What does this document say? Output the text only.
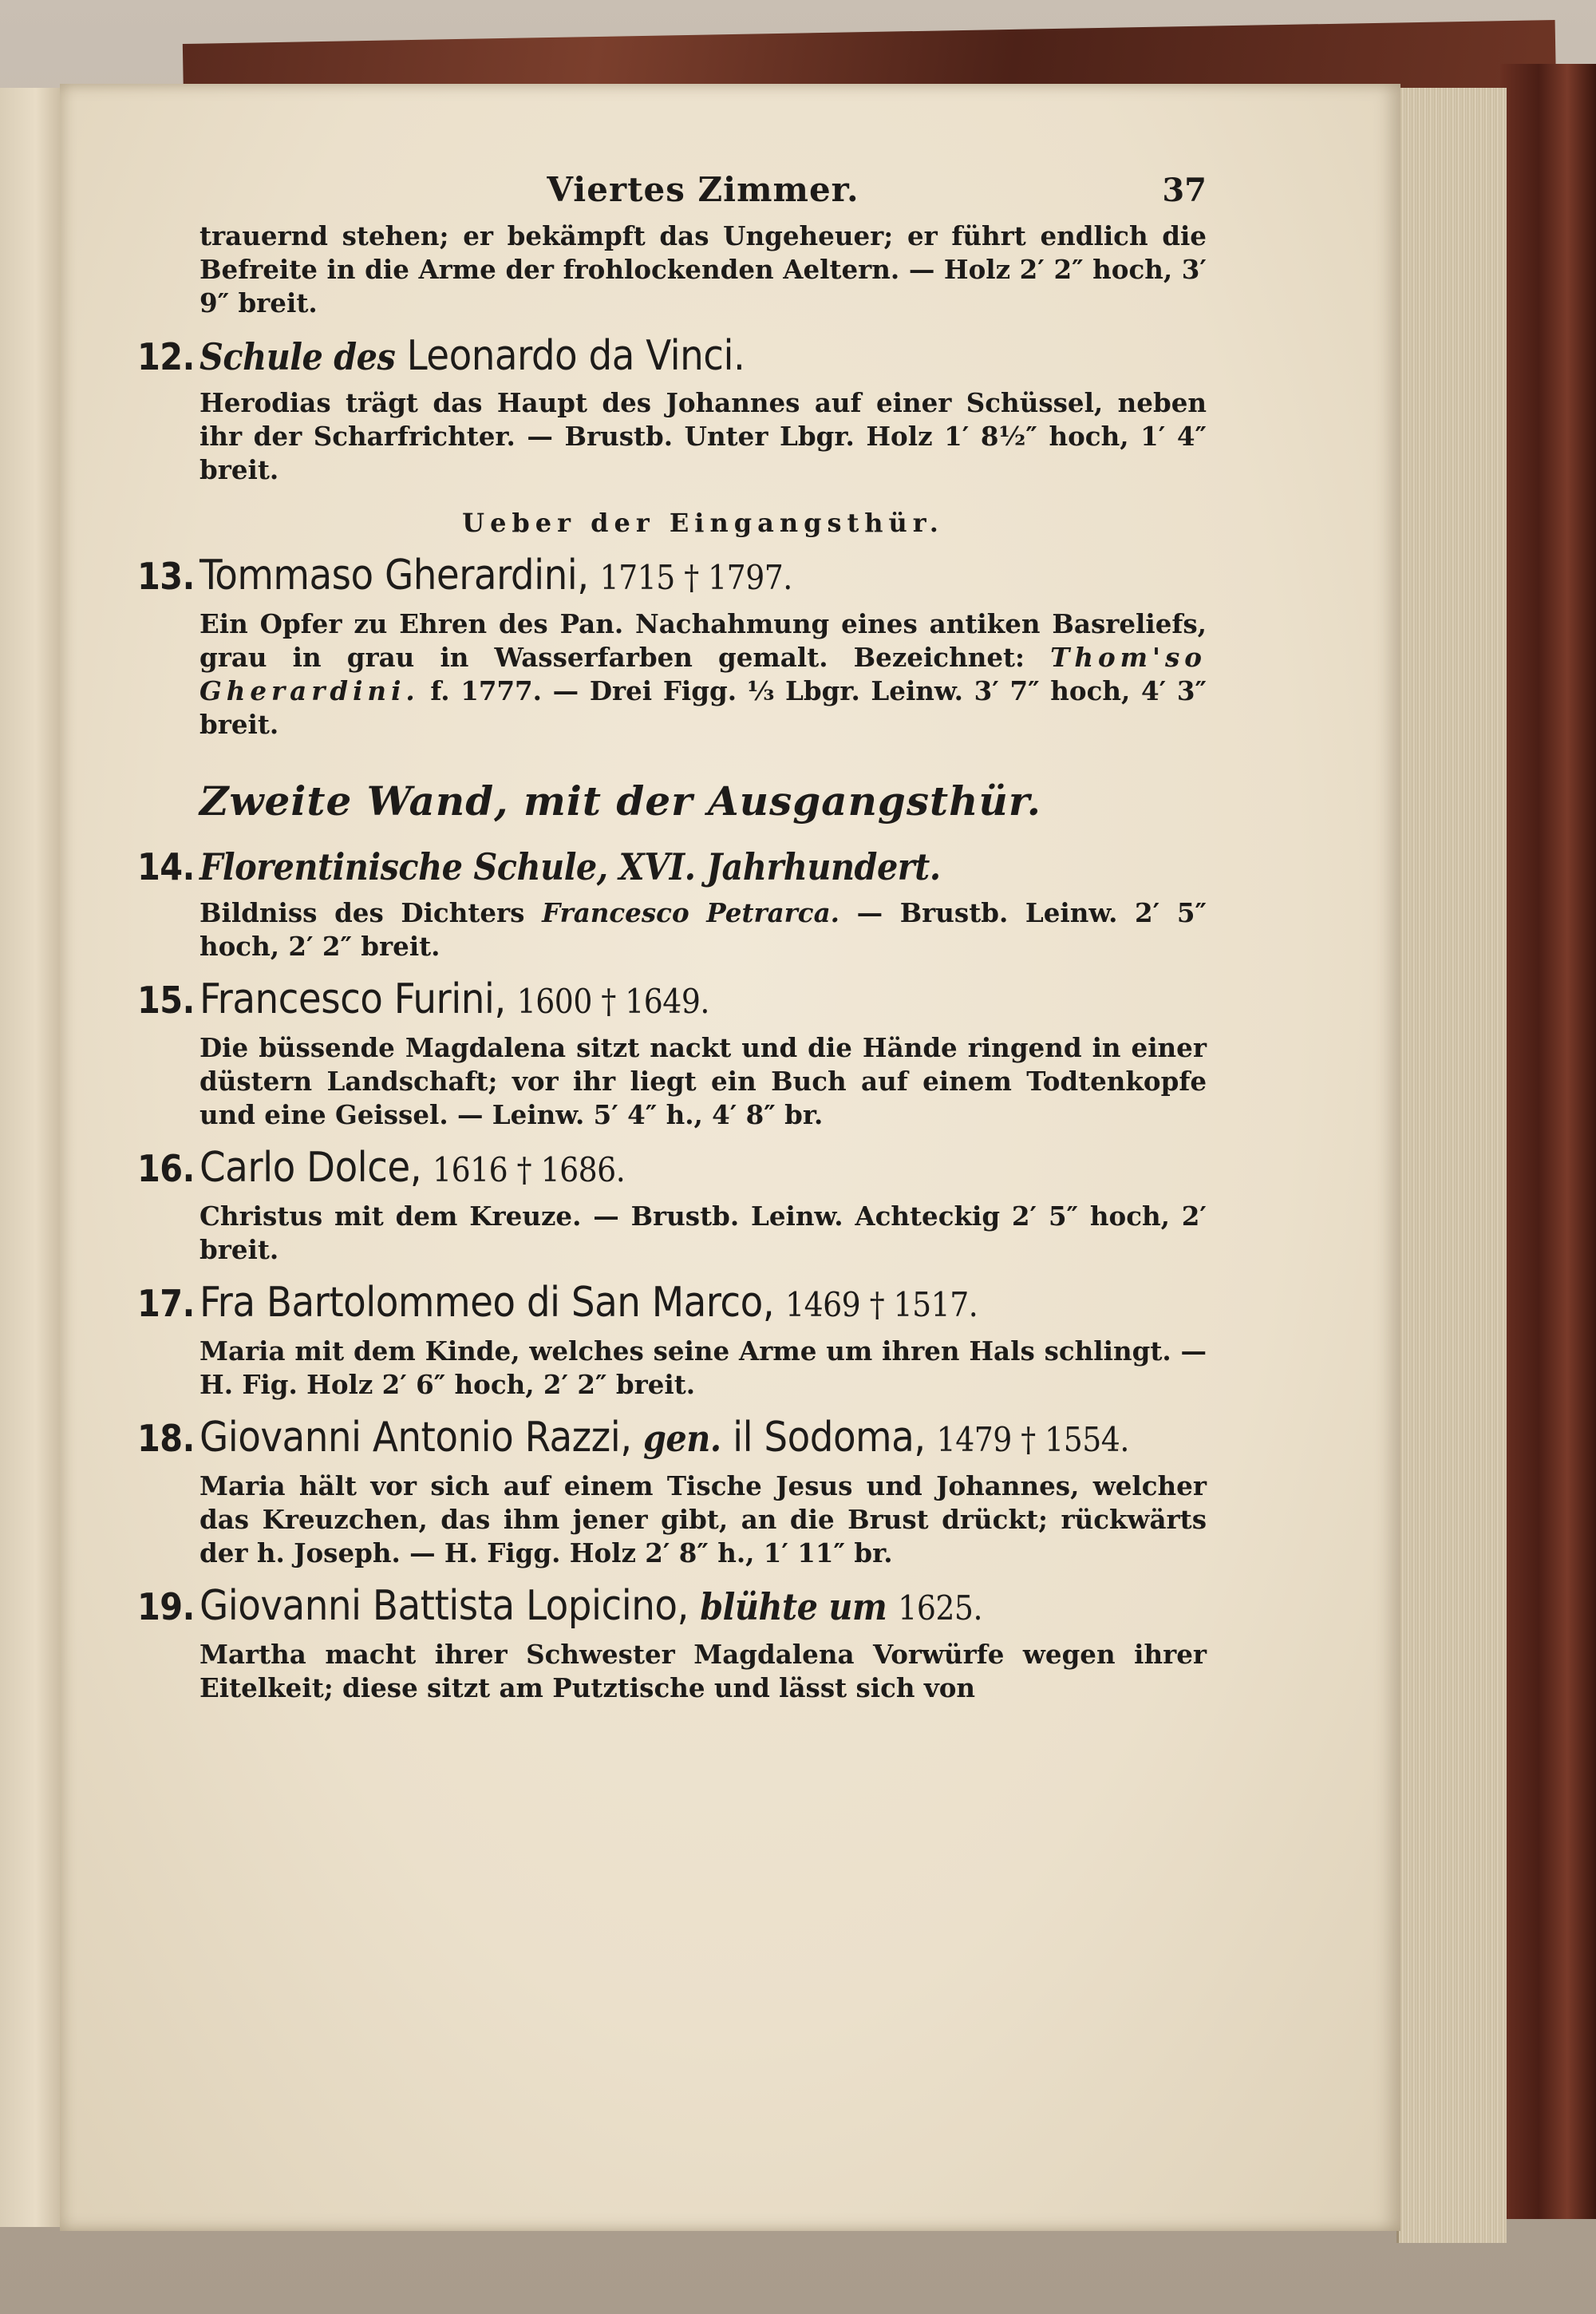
Viertes Zimmer.	37

trauernd stehen; er bekämpft das Ungeheuer; er führt endlich die Befreite in die Arme der frohlockenden Aeltern. — Holz 2′ 2″ hoch, 3′ 9″ breit.

12. Schule des
Leonardo da Vinci.

Herodias trägt das Haupt des Johannes auf einer Schüssel, neben ihr der Scharfrichter. — Brustb. Unter Lbgr. Holz 1′ 8½″ hoch, 1′ 4″ breit.

Ueber der Eingangsthür.
13. Tommaso Gherardini, 1715 † 1797.

Ein Opfer zu Ehren des Pan. Nachahmung eines antiken Basreliefs, grau in grau in Wasserfarben gemalt. Bezeichnet: Thom'so Gherardini. f. 1777. — Drei Figg. ⅓ Lbgr. Leinw. 3′ 7″ hoch, 4′ 3″ breit.

Zweite Wand, mit der Ausgangsthür.
14. Florentinische Schule, XVI. Jahrhundert.

Bildniss des Dichters Francesco Petrarca. — Brustb. Leinw. 2′ 5″ hoch, 2′ 2″ breit.

15. Francesco Furini, 1600 † 1649.

Die büssende Magdalena sitzt nackt und die Hände ringend in einer düstern Landschaft; vor ihr liegt ein Buch auf einem Todtenkopfe und eine Geissel. — Leinw. 5′ 4″ h., 4′ 8″ br.

16. Carlo Dolce, 1616 † 1686.

Christus mit dem Kreuze. — Brustb. Leinw. Achteckig 2′ 5″ hoch, 2′ breit.

17. Fra Bartolommeo di San Marco, 1469 † 1517.

Maria mit dem Kinde, welches seine Arme um ihren Hals schlingt. — H. Fig. Holz 2′ 6″ hoch, 2′ 2″ breit.

18. Giovanni Antonio Razzi,
gen.
il Sodoma, 1479 † 1554.

Maria hält vor sich auf einem Tische Jesus und Johannes, welcher das Kreuzchen, das ihm jener gibt, an die Brust drückt; rückwärts der h. Joseph. — H. Figg. Holz 2′ 8″ h., 1′ 11″ br.

19. Giovanni Battista Lopicino,
blühte um 1625.

Martha macht ihrer Schwester Magdalena Vorwürfe wegen ihrer Eitelkeit; diese sitzt am Putztische und lässt sich von
